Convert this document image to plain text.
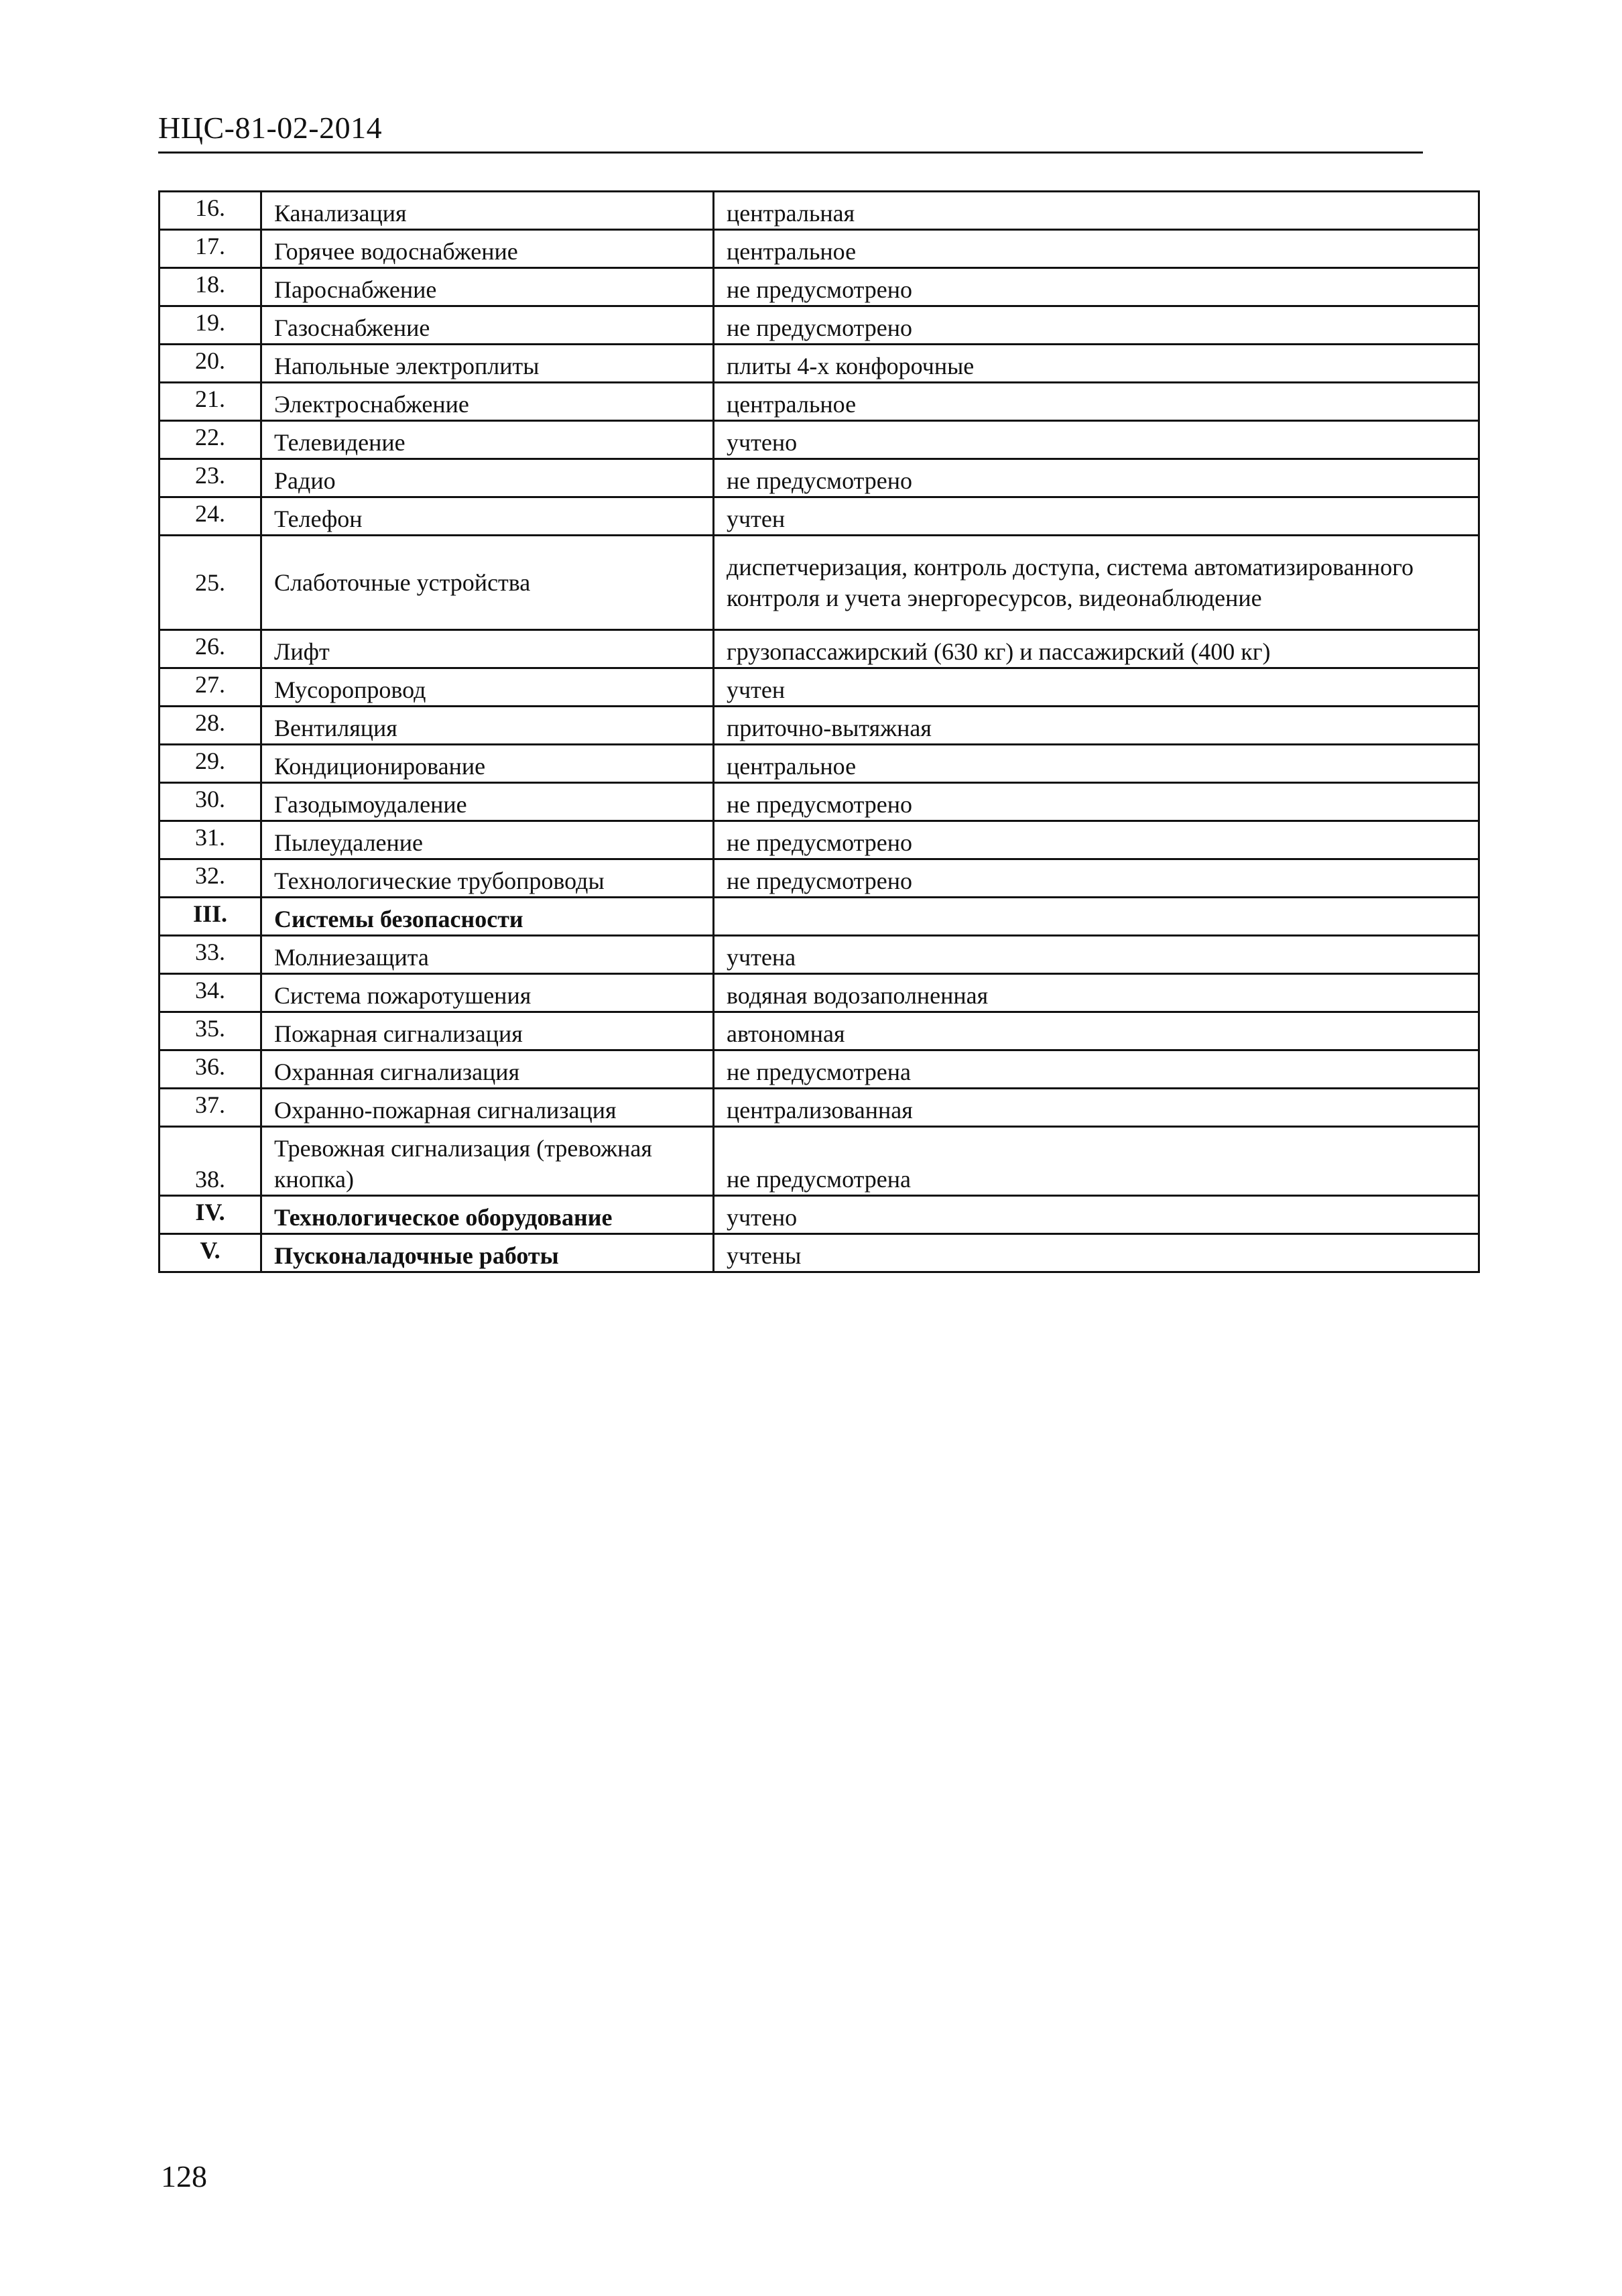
НЦС-81-02-2014
16.	Канализация	центральная
17.	Горячее водоснабжение	центральное
18.	Пароснабжение	не предусмотрено
19.	Газоснабжение	не предусмотрено
20.	Напольные электроплиты	плиты 4-х конфорочные
21.	Электроснабжение	центральное
22.	Телевидение	учтено
23.	Радио	не предусмотрено
24.	Телефон	учтен
25.	Слаботочные устройства	диспетчеризация, контроль доступа, система автоматизированного контроля и учета энергоресурсов, видеонаблюдение
26.	Лифт	грузопассажирский (630 кг) и пассажирский (400 кг)
27.	Мусоропровод	учтен
28.	Вентиляция	приточно-вытяжная
29.	Кондиционирование	центральное
30.	Газодымоудаление	не предусмотрено
31.	Пылеудаление	не предусмотрено
32.	Технологические трубопроводы	не предусмотрено
III.	Системы безопасности	
33.	Молниезащита	учтена
34.	Система пожаротушения	водяная водозаполненная
35.	Пожарная сигнализация	автономная
36.	Охранная сигнализация	не предусмотрена
37.	Охранно-пожарная сигнализация	централизованная
38.	Тревожная сигнализация (тревожная кнопка)	не предусмотрена
IV.	Технологическое оборудование	учтено
V.	Пусконаладочные работы	учтены
128
